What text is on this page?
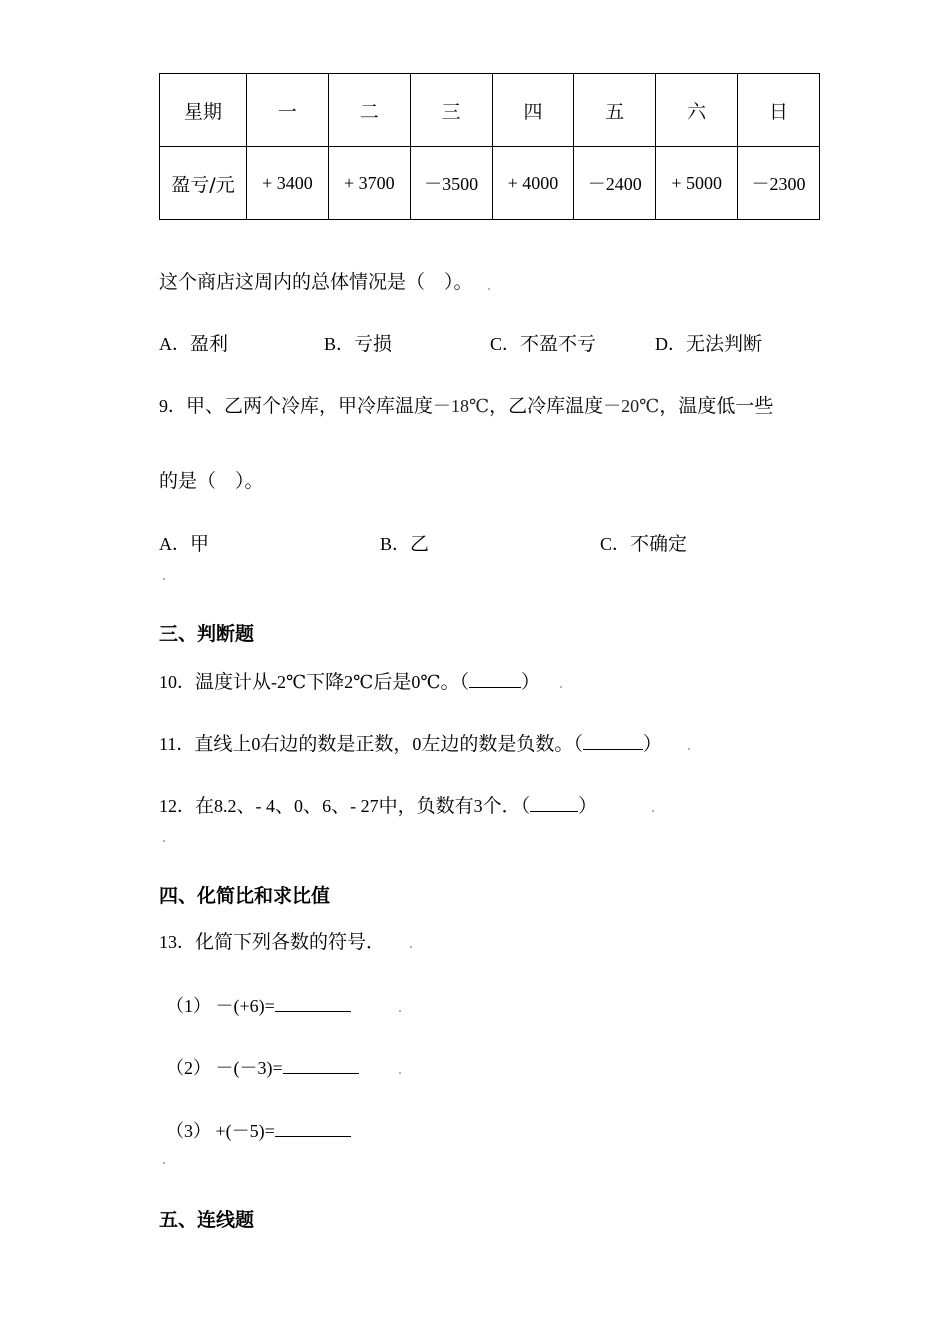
星期	一	二	三	四	五	六	日
盈亏/元	+ 3400	+ 3700	－3500	+ 4000	－2400	+ 5000	－2300
这个商店这周内的总体情况是（　）。
A．盈利	B．亏损	C．不盈不亏	D．无法判断
9．甲、乙两个冷库，甲冷库温度－18℃，乙冷库温度－20℃，温度低一些
的是（　）。
A．甲	B．乙	C．不确定
三、判断题
10．温度计从-2℃下降2℃后是0℃。（	）
11．直线上0右边的数是正数，0左边的数是负数。（	）
12．在8.2、- 4、0、6、- 27中，负数有3个．（	）
四、化简比和求比值
13．化简下列各数的符号．
（1） －(+6)=
（2） －(－3)=
（3） +(－5)=
五、连线题
